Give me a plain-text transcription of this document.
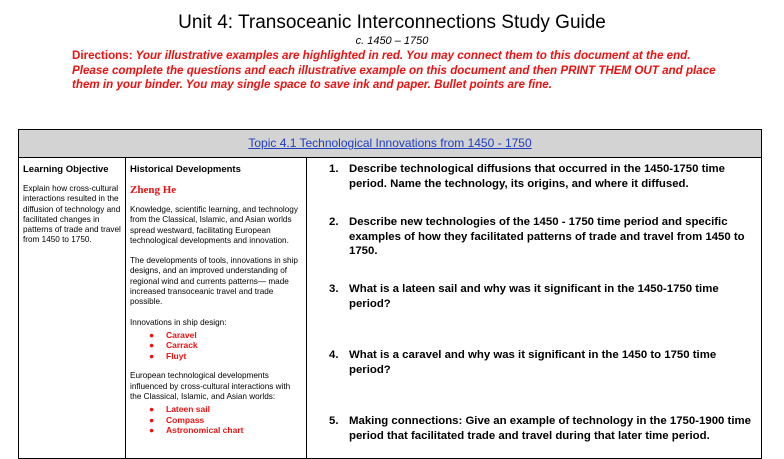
Unit 4: Transoceanic Interconnections Study Guide
c. 1450 – 1750
Directions: Your illustrative examples are highlighted in red. You may connect them to this document at the end. Please complete the questions and each illustrative example on this document and then PRINT THEM OUT and place them in your binder. You may single space to save ink and paper. Bullet points are fine.
Topic 4.1 Technological Innovations from 1450 - 1750

Learning Objective

Explain how cross-cultural interactions resulted in the diffusion of technology and facilitated changes in patterns of trade and travel from 1450 to 1750.

Historical Developments

Zheng He

Knowledge, scientific learning, and technology from the Classical, Islamic, and Asian worlds spread westward, facilitating European technological developments and innovation.

The developments of tools, innovations in ship designs, and an improved understanding of regional wind and currents patterns— made increased transoceanic travel and trade possible.

Innovations in ship design:

● Caravel
● Carrack
● Fluyt

European technological developments influenced by cross-cultural interactions with the Classical, Islamic, and Asian worlds:

● Lateen sail
● Compass
● Astronomical chart
1. Describe technological diffusions that occurred in the 1450-1750 time period. Name the technology, its origins, and where it diffused.
2. Describe new technologies of the 1450 - 1750 time period and specific examples of how they facilitated patterns of trade and travel from 1450 to 1750.
3. What is a lateen sail and why was it significant in the 1450-1750 time period?
4. What is a caravel and why was it significant in the 1450 to 1750 time period?
5. Making connections: Give an example of technology in the 1750-1900 time period that facilitated trade and travel during that later time period.
